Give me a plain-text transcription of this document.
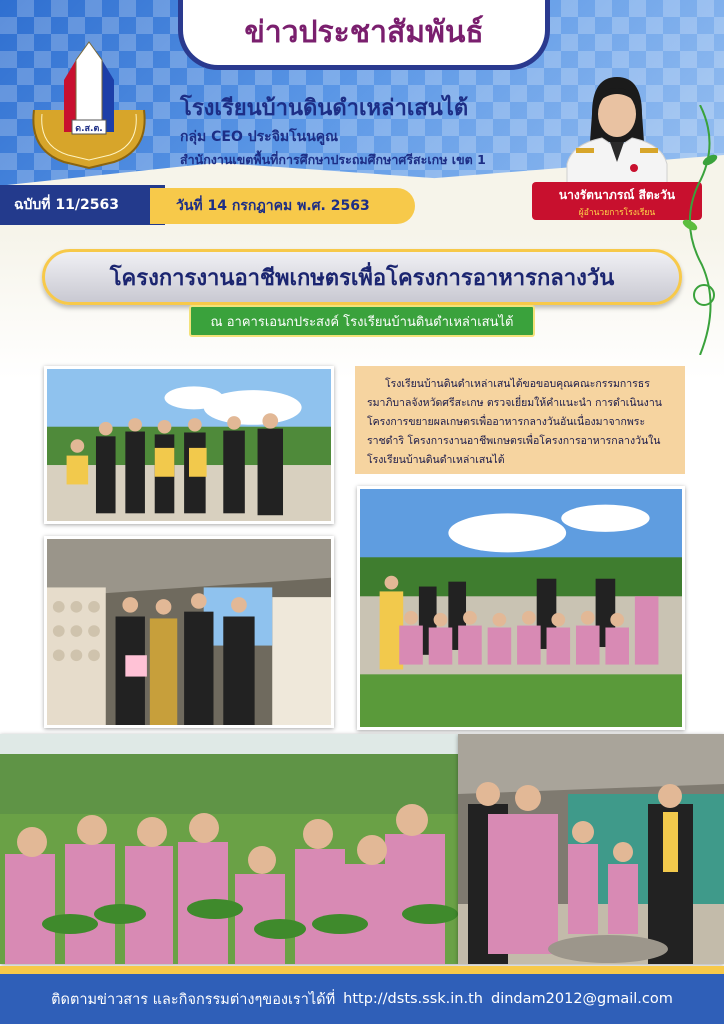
ข่าวประชาสัมพันธ์
ด.ส.ต.
โรงเรียนบ้านดินดำเหล่าเสนไต้
กลุ่ม CEO ประจิมโนนคูณ
สำนักงานเขตพื้นที่การศึกษาประถมศึกษาศรีสะเกษ เขต 1
นางรัตนาภรณ์ สีตะวัน
ผู้อำนวยการโรงเรียน
ฉบับที่ 11/2563	วันที่ 14 กรกฎาคม พ.ศ. 2563
โครงการงานอาชีพเกษตรเพื่อโครงการอาหารกลางวัน
ณ อาคารเอนกประสงค์ โรงเรียนบ้านดินดำเหล่าเสนไต้
โรงเรียนบ้านดินดำเหล่าเสนไต้ขอขอบคุณคณะกรรมการธรรมาภิบาลจังหวัดศรีสะเกษ ตรวจเยี่ยมให้คำแนะนำ การดำเนินงานโครงการขยายผลเกษตรเพื่ออาหารกลางวันอันเนื่องมาจากพระราชดำริ โครงการงานอาชีพเกษตรเพื่อโครงการอาหารกลางวันในโรงเรียนบ้านดินดำเหล่าเสนไต้
ติดตามข่าวสาร และกิจกรรมต่างๆของเราได้ที่ http://dsts.ssk.in.th dindam2012@gmail.com
